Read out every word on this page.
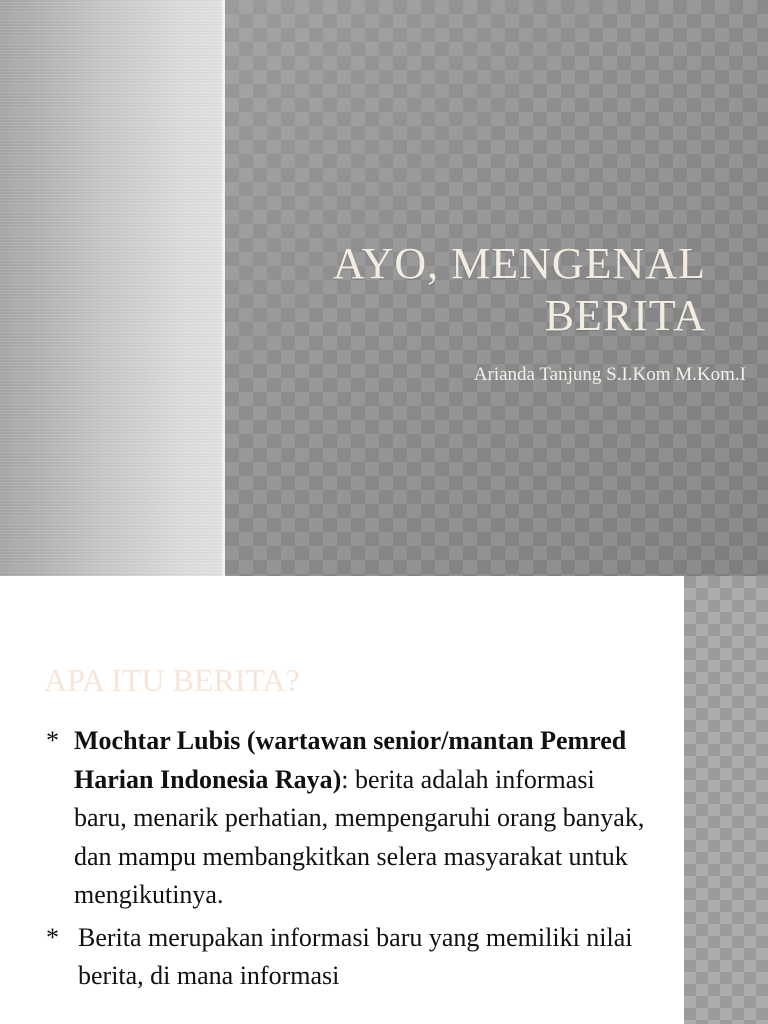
AYO, MENGENAL
BERITA
Arianda Tanjung S.I.Kom M.Kom.I
APA ITU BERITA?

* Mochtar Lubis (wartawan senior/mantan Pemred Harian Indonesia Raya): berita adalah informasi baru, menarik perhatian, mempengaruhi orang banyak, dan mampu membangkitkan selera masyarakat untuk mengikutinya.

* Berita merupakan informasi baru yang memiliki nilai berita, di mana informasi
